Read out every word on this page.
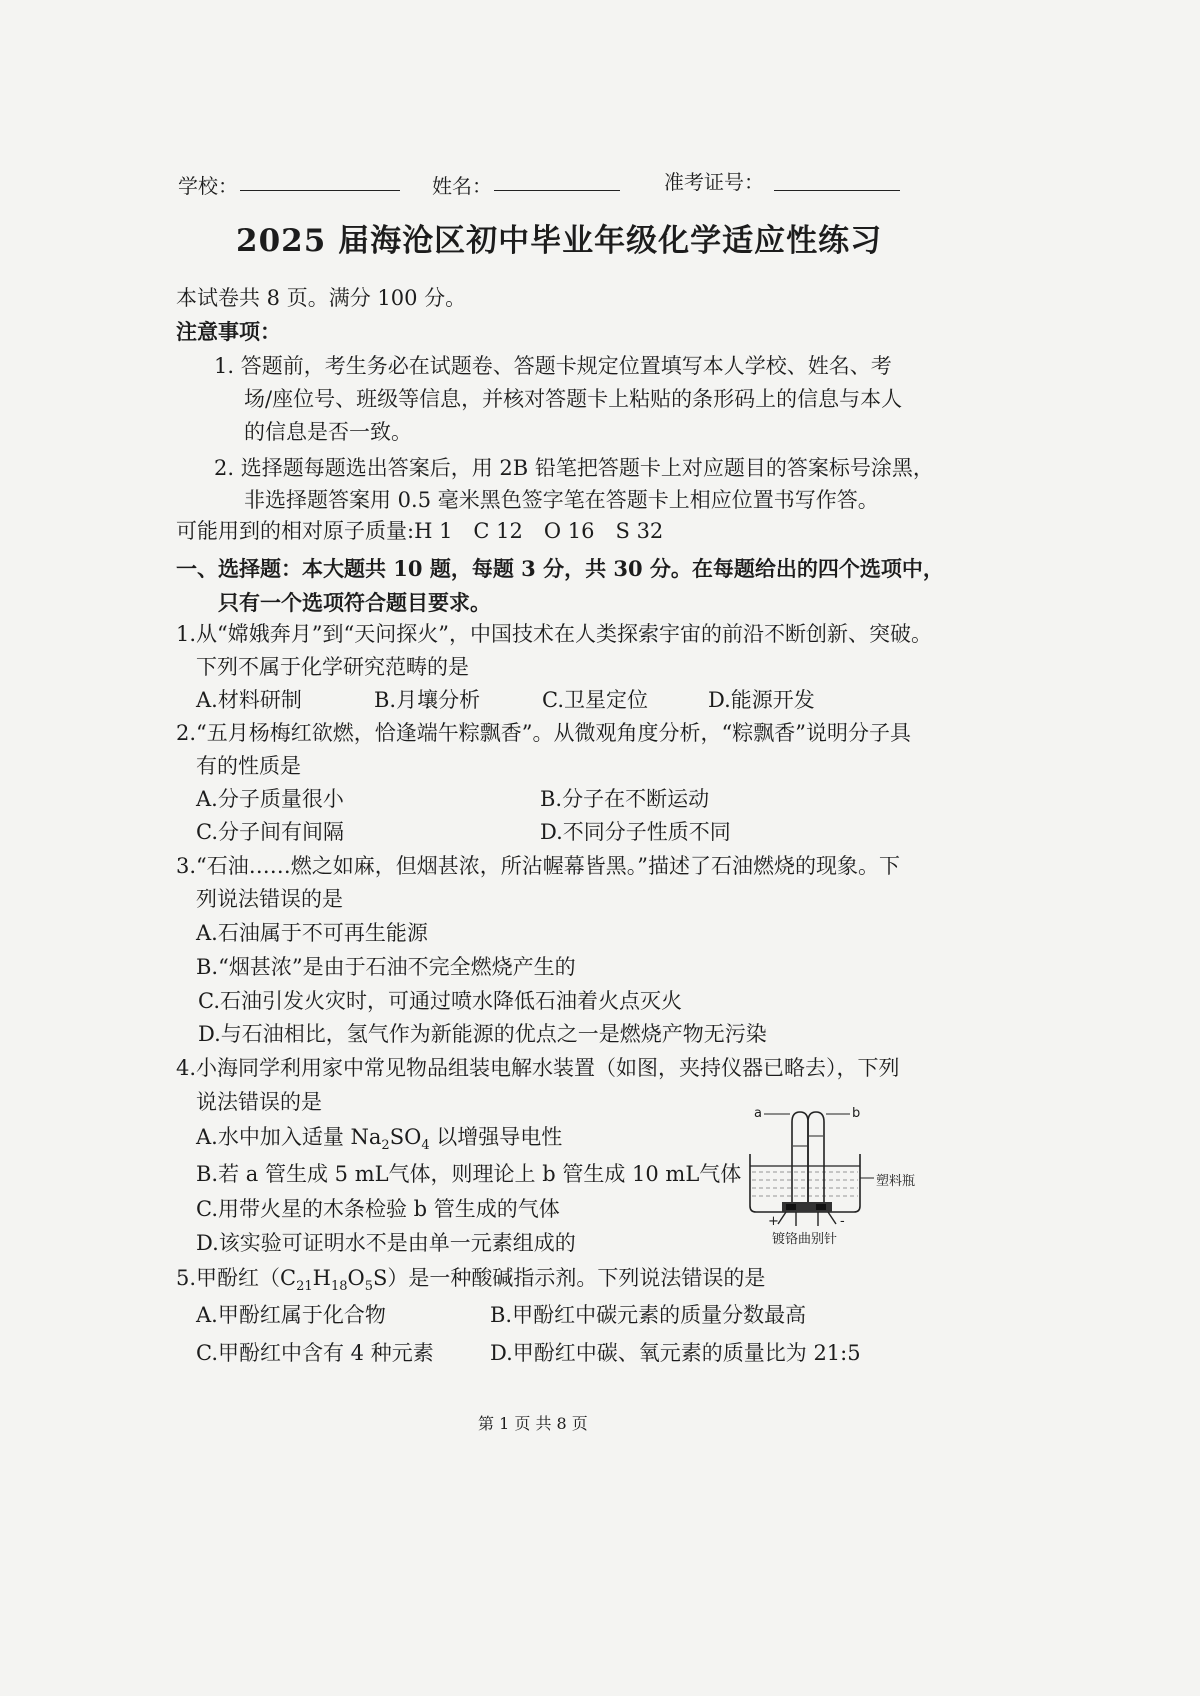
学校：	姓名：	准考证号：
2025 届海沧区初中毕业年级化学适应性练习
本试卷共 8 页。满分 100 分。
注意事项：
1. 答题前，考生务必在试题卷、答题卡规定位置填写本人学校、姓名、考
场/座位号、班级等信息，并核对答题卡上粘贴的条形码上的信息与本人
的信息是否一致。
2. 选择题每题选出答案后，用 2B 铅笔把答题卡上对应题目的答案标号涂黑，
非选择题答案用 0.5 毫米黑色签字笔在答题卡上相应位置书写作答。
可能用到的相对原子质量:H 1　C 12　O 16　S 32
一、选择题：本大题共 10 题，每题 3 分，共 30 分。在每题给出的四个选项中，
只有一个选项符合题目要求。
1.从“嫦娥奔月”到“天问探火”，中国技术在人类探索宇宙的前沿不断创新、突破。
下列不属于化学研究范畴的是
A.材料研制	B.月壤分析	C.卫星定位	D.能源开发
2.“五月杨梅红欲燃，恰逢端午粽飘香”。从微观角度分析，“粽飘香”说明分子具
有的性质是
A.分子质量很小	B.分子在不断运动
C.分子间有间隔	D.不同分子性质不同
3.“石油……燃之如麻，但烟甚浓，所沾幄幕皆黑。”描述了石油燃烧的现象。下
列说法错误的是
A.石油属于不可再生能源
B.“烟甚浓”是由于石油不完全燃烧产生的
C.石油引发火灾时，可通过喷水降低石油着火点灭火
D.与石油相比，氢气作为新能源的优点之一是燃烧产物无污染
4.小海同学利用家中常见物品组装电解水装置（如图，夹持仪器已略去），下列
说法错误的是
A.水中加入适量 $Na_2SO_4$ 以增强导电性
B.若 a 管生成 5 mL气体，则理论上 b 管生成 10 mL气体
C.用带火星的木条检验 b 管生成的气体
D.该实验可证明水不是由单一元素组成的
a	b
塑料瓶
+	-
镀铬曲别针
5.甲酚红$(C_{21}H_{18}O_5S)$是一种酸碱指示剂。下列说法错误的是
A.甲酚红属于化合物	B.甲酚红中碳元素的质量分数最高
C.甲酚红中含有 4 种元素	D.甲酚红中碳、氧元素的质量比为 21:5
第 1 页 共 8 页
